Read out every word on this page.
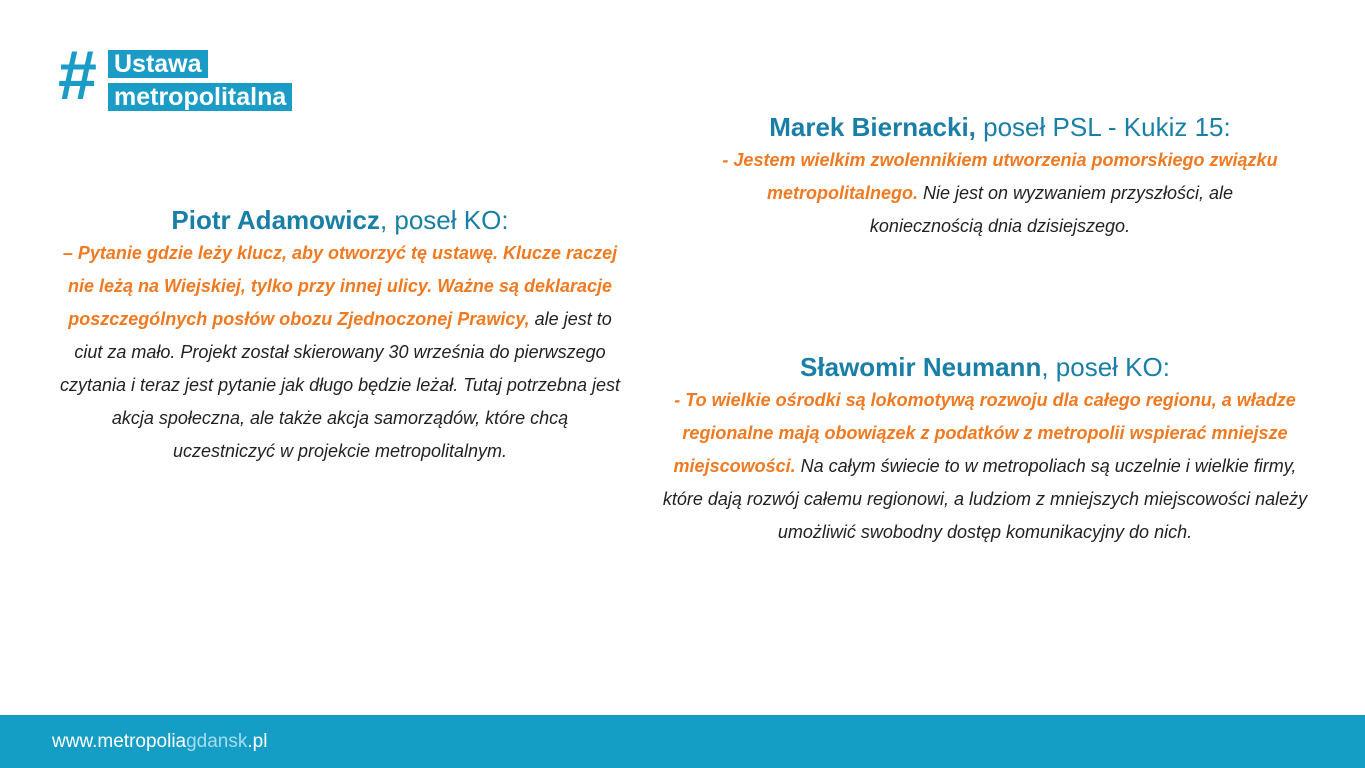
# Ustawa
metropolitalna
Piotr Adamowicz, poseł KO:
– Pytanie gdzie leży klucz, aby otworzyć tę ustawę. Klucze raczej nie leżą na Wiejskiej, tylko przy innej ulicy. Ważne są deklaracje poszczególnych posłów obozu Zjednoczonej Prawicy, ale jest to ciut za mało. Projekt został skierowany 30 września do pierwszego czytania i teraz jest pytanie jak długo będzie leżał. Tutaj potrzebna jest akcja społeczna, ale także akcja samorządów, które chcą uczestniczyć w projekcie metropolitalnym.
Marek Biernacki, poseł PSL - Kukiz 15:
- Jestem wielkim zwolennikiem utworzenia pomorskiego związku metropolitalnego. Nie jest on wyzwaniem przyszłości, ale koniecznością dnia dzisiejszego.
Sławomir Neumann, poseł KO:
- To wielkie ośrodki są lokomotywą rozwoju dla całego regionu, a władze regionalne mają obowiązek z podatków z metropolii wspierać mniejsze miejscowości. Na całym świecie to w metropoliach są uczelnie i wielkie firmy, które dają rozwój całemu regionowi, a ludziom z mniejszych miejscowości należy umożliwić swobodny dostęp komunikacyjny do nich.
www.metropoliagdansk.pl
